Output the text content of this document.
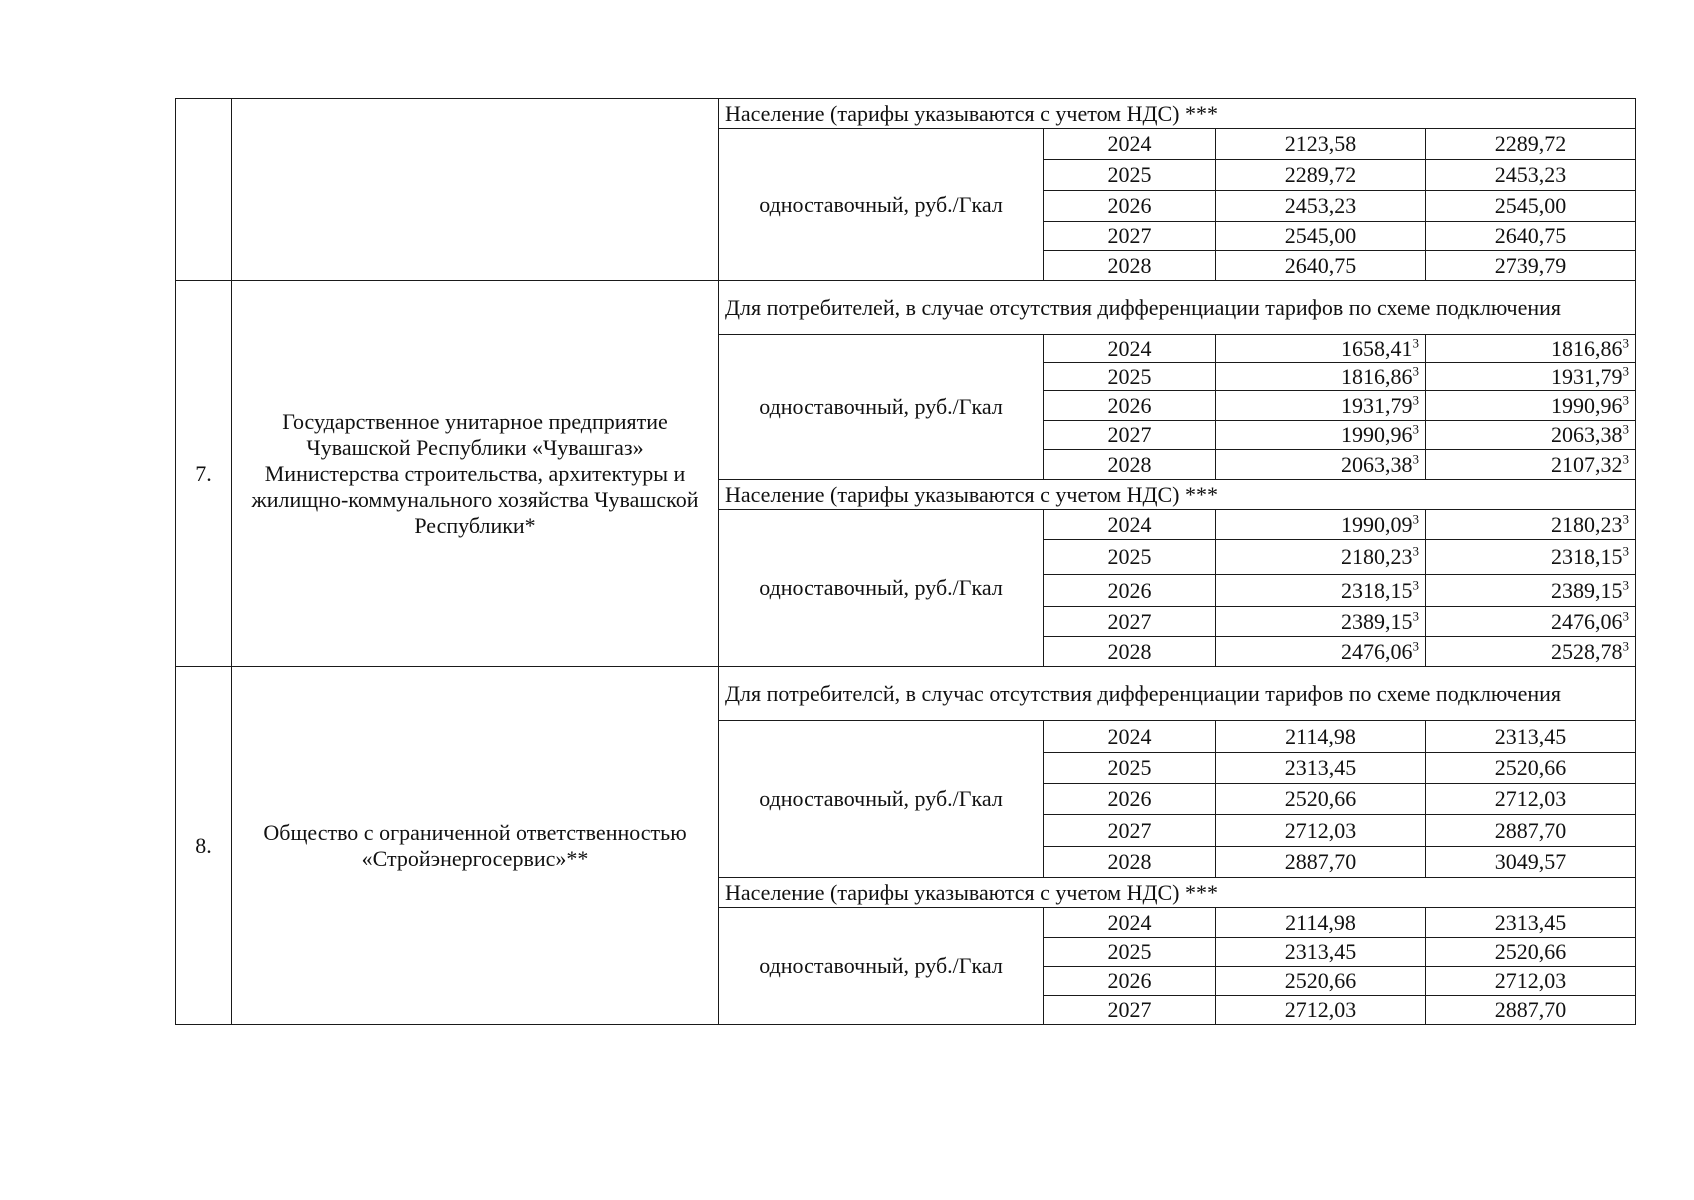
		Население (тарифы указываются с учетом НДС) ***			
		одноставочный, руб./Гкал	2024	2123,58	2289,72
			2025	2289,72	2453,23
			2026	2453,23	2545,00
			2027	2545,00	2640,75
			2028	2640,75	2739,79
7.	Государственное унитарное предприятие Чувашской Республики «Чувашгаз» Министерства строительства, архитектуры и жилищно-коммунального хозяйства Чувашской Республики*	Для потребителей, в случае отсутствия дифференциации тарифов по схеме подключения			
		одноставочный, руб./Гкал	2024	1658,41$^3$	1816,86$^3$
			2025	1816,86$^3$	1931,79$^3$
			2026	1931,79$^3$	1990,96$^3$
			2027	1990,96$^3$	2063,38$^3$
			2028	2063,38$^3$	2107,32$^3$
		Население (тарифы указываются с учетом НДС) ***			
		одноставочный, руб./Гкал	2024	1990,09$^3$	2180,23$^3$
			2025	2180,23$^3$	2318,15$^3$
			2026	2318,15$^3$	2389,15$^3$
			2027	2389,15$^3$	2476,06$^3$
			2028	2476,06$^3$	2528,78$^3$
8.	Общество с ограниченной ответственностью «Стройэнергосервис»**	Для потребителсй, в случас отсутствия дифференциации тарифов по схеме подключения			
		одноставочный, руб./Гкал	2024	2114,98	2313,45
			2025	2313,45	2520,66
			2026	2520,66	2712,03
			2027	2712,03	2887,70
			2028	2887,70	3049,57
		Население (тарифы указываются с учетом НДС) ***			
		одноставочный, руб./Гкал	2024	2114,98	2313,45
			2025	2313,45	2520,66
			2026	2520,66	2712,03
			2027	2712,03	2887,70
